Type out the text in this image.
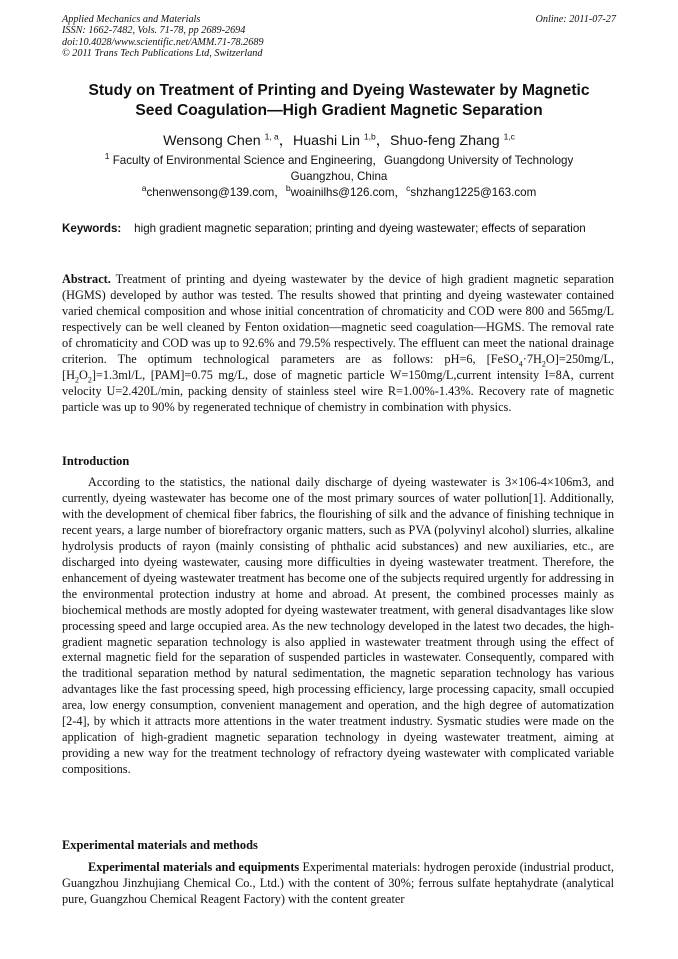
Applied Mechanics and Materials
ISSN: 1662-7482, Vols. 71-78, pp 2689-2694
doi:10.4028/www.scientific.net/AMM.71-78.2689
© 2011 Trans Tech Publications Ltd, Switzerland
Online: 2011-07-27
Study on Treatment of Printing and Dyeing Wastewater by Magnetic
Seed Coagulation—High Gradient Magnetic Separation
Wensong Chen $^{1, a}$，Huashi Lin $^{1,b}$，Shuo-feng Zhang $^{1,c}$
$^1$ Faculty of Environmental Science and Engineering，Guangdong University of Technology
Guangzhou, China
$^a$chenwensong@139.com，$^b$woainilhs@126.com，$^c$shzhang1225@163.com
Keywords: high gradient magnetic separation; printing and dyeing wastewater; effects of separation

Abstract. Treatment of printing and dyeing wastewater by the device of high gradient magnetic separation (HGMS) developed by author was tested. The results showed that printing and dyeing wastewater contained varied chemical composition and whose initial concentration of chromaticity and COD were 800 and 565mg/L respectively can be well cleaned by Fenton oxidation—magnetic seed coagulation—HGMS. The removal rate of chromaticity and COD was up to 92.6% and 79.5% respectively. The effluent can meet the national drainage criterion. The optimum technological parameters are as follows: pH=6, $[FeSO_4\cdot 7H_2O]=250mg/L$, $[H_2O_2]=1.3ml/L$, [PAM]=0.75 mg/L, dose of magnetic particle W=150mg/L,current intensity I=8A, current velocity U=2.420L/min, packing density of stainless steel wire R=1.00%-1.43%. Recovery rate of magnetic particle was up to 90% by regenerated technique of chemistry in combination with physics.

Introduction

According to the statistics, the national daily discharge of dyeing wastewater is 3×106-4×106m3, and currently, dyeing wastewater has become one of the most primary sources of water pollution[1]. Additionally, with the development of chemical fiber fabrics, the flourishing of silk and the advance of finishing technique in recent years, a large number of biorefractory organic matters, such as PVA (polyvinyl alcohol) slurries, alkaline hydrolysis products of rayon (mainly consisting of phthalic acid substances) and new auxiliaries, etc., are discharged into dyeing wastewater, causing more difficulties in dyeing wastewater treatment. Therefore, the enhancement of dyeing wastewater treatment has become one of the subjects required urgently for addressing in the environmental protection industry at home and abroad. At present, the combined processes mainly as biochemical methods are mostly adopted for dyeing wastewater treatment, with general disadvantages like slow processing speed and large occupied area. As the new technology developed in the latest two decades, the high-gradient magnetic separation technology is also applied in wastewater treatment through using the effect of external magnetic field for the separation of suspended particles in wastewater. Consequently, compared with the traditional separation method by natural sedimentation, the magnetic separation technology has various advantages like the fast processing speed, high processing efficiency, large processing capacity, small occupied area, low energy consumption, convenient management and operation, and the high degree of automatization [2-4], by which it attracts more attentions in the water treatment industry. Sysmatic studies were made on the application of high-gradient magnetic separation technology in dyeing wastewater treatment, aiming at providing a new way for the treatment technology of refractory dyeing wastewater with complicated variable compositions.

Experimental materials and methods

Experimental materials and equipments Experimental materials: hydrogen peroxide (industrial product, Guangzhou Jinzhujiang Chemical Co., Ltd.) with the content of 30%; ferrous sulfate heptahydrate (analytical pure, Guangzhou Chemical Reagent Factory) with the content greater
